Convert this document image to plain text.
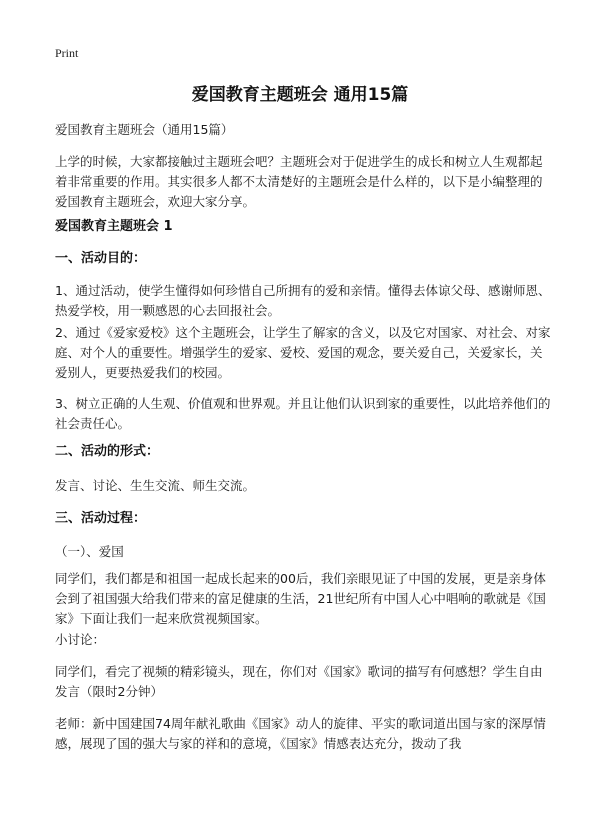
Print
爱国教育主题班会 通用15篇
爱国教育主题班会（通用15篇）
上学的时候，大家都接触过主题班会吧？主题班会对于促进学生的成长和树立人生观都起着非常重要的作用。其实很多人都不太清楚好的主题班会是什么样的，以下是小编整理的爱国教育主题班会，欢迎大家分享。
爱国教育主题班会 1
一、活动目的：
1、通过活动，使学生懂得如何珍惜自己所拥有的爱和亲情。懂得去体谅父母、感谢师恩、热爱学校，用一颗感恩的心去回报社会。
2、通过《爱家爱校》这个主题班会，让学生了解家的含义，以及它对国家、对社会、对家庭、对个人的重要性。增强学生的爱家、爱校、爱国的观念，要关爱自己，关爱家长，关爱别人，更要热爱我们的校园。
3、树立正确的人生观、价值观和世界观。并且让他们认识到家的重要性，以此培养他们的社会责任心。
二、活动的形式：
发言、讨论、生生交流、师生交流。
三、活动过程：
（一）、爱国
同学们，我们都是和祖国一起成长起来的00后，我们亲眼见证了中国的发展，更是亲身体会到了祖国强大给我们带来的富足健康的生活，21世纪所有中国人心中唱响的歌就是《国家》下面让我们一起来欣赏视频国家。
小讨论：
同学们，看完了视频的精彩镜头，现在，你们对《国家》歌词的描写有何感想？学生自由发言（限时2分钟）
老师：新中国建国74周年献礼歌曲《国家》动人的旋律、平实的歌词道出国与家的深厚情感，展现了国的强大与家的祥和的意境，《国家》情感表达充分，拨动了我
